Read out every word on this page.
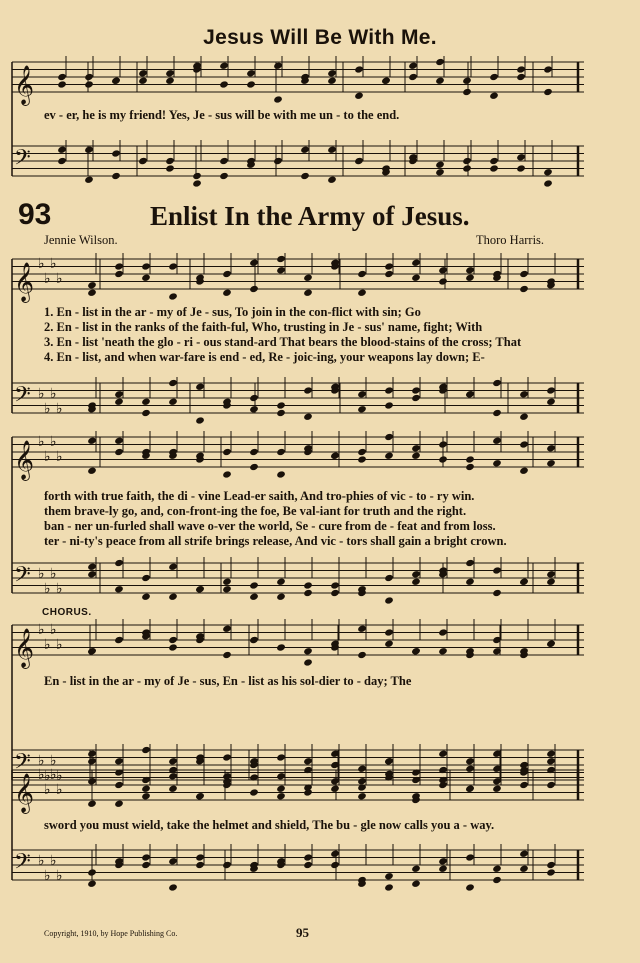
𝄞
𝄢
𝄞
𝄢
♭
♭
♭
♭
♭
♭
♭
♭
𝄞
𝄢
♭
♭
♭
♭
♭
♭
♭
♭
𝄞
𝄢
♭
♭
♭
♭
♭
♭
♭
♭
𝄞
𝄢
♭
♭
♭
♭
♭
♭
♭
♭
Jesus Will Be With Me.
ev - er, he is my friend! Yes, Je - sus will be with me un - to the end.
93	Enlist In the Army of Jesus.
Jennie Wilson.	Thoro Harris.
1. En - list in the ar - my of Je - sus, To join in the con-flict with sin; Go
2. En - list in the ranks of the faith-ful, Who, trusting in Je - sus' name, fight; With
3. En - list 'neath the glo - ri - ous stand-ard That bears the blood-stains of the cross; That
4. En - list, and when war-fare is end - ed, Re - joic-ing, your weapons lay down; E-
forth with true faith, the di - vine Lead-er saith, And tro-phies of vic - to - ry win.
them brave-ly go, and, con-front-ing the foe, Be val-iant for truth and the right.
ban - ner un-furled shall wave o-ver the world, Se - cure from de - feat and from loss.
ter - ni-ty's peace from all strife brings release, And vic - tors shall gain a bright crown.
CHORUS.
En - list in the ar - my of Je - sus, En - list as his sol-dier to - day; The
sword you must wield, take the helmet and shield, The bu - gle now calls you a - way.
Copyright, 1910, by Hope Publishing Co.	95
